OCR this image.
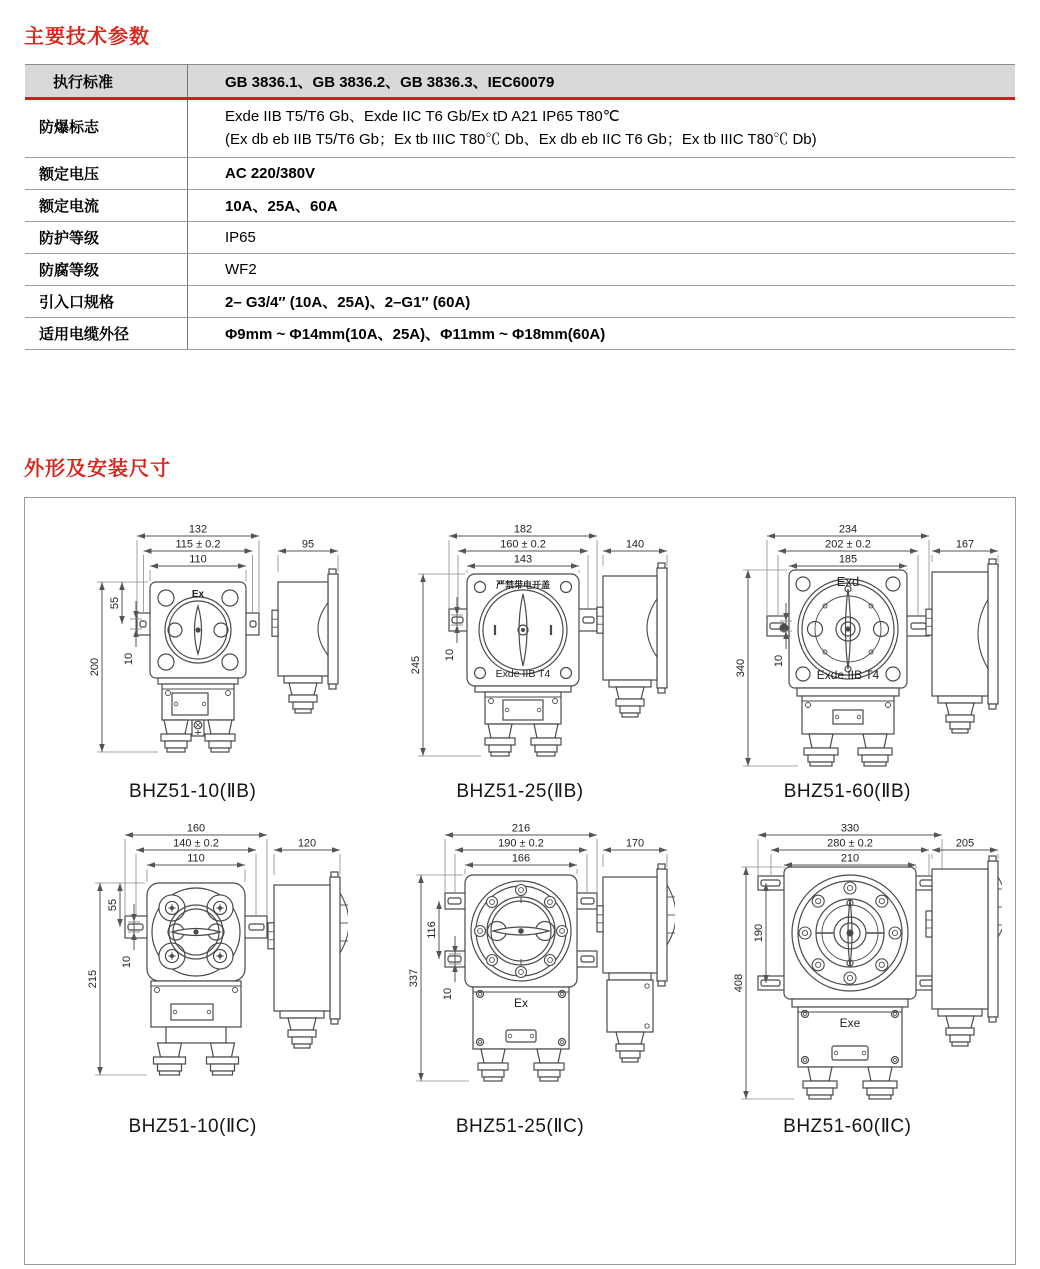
主要技术参数
执行标准	GB 3836.1、GB 3836.2、GB 3836.3、IEC60079
防爆标志	Exde IIB T5/T6 Gb、Exde IIC T6 Gb/Ex tD A21 IP65 T80℃
(Ex db eb IIB T5/T6 Gb；Ex tb IIIC T80℃ Db、Ex db eb IIC T6 Gb；Ex tb IIIC T80℃ Db)

额定电压	AC 220/380V
额定电流	10A、25A、60A
防护等级	IP65
防腐等级	WF2
引入口规格	2– G3/4″ (10A、25A)、2–G1″ (60A)
适用电缆外径	Φ9mm ~ Φ14mm(10A、25A)、Φ11mm ~ Φ18mm(60A)
外形及安装尺寸
Ex
132
115 ± 0.2
110
200
55
10
95
BHZ51-10(ⅡB)
严禁带电开盖
Exde IIB T4
182
160 ± 0.2
143
245
10
140
BHZ51-25(ⅡB)
Exd
Exde IIB T4
234
202 ± 0.2
185
340 10
167
BHZ51-60(ⅡB)
160
140 ± 0.2
110
215
55
10
120
BHZ51-10(ⅡC)
Ex
216
190 ± 0.2
166
337
116
10
170
BHZ51-25(ⅡC)
Exe
330
280 ± 0.2
210
408
190
205
BHZ51-60(ⅡC)
